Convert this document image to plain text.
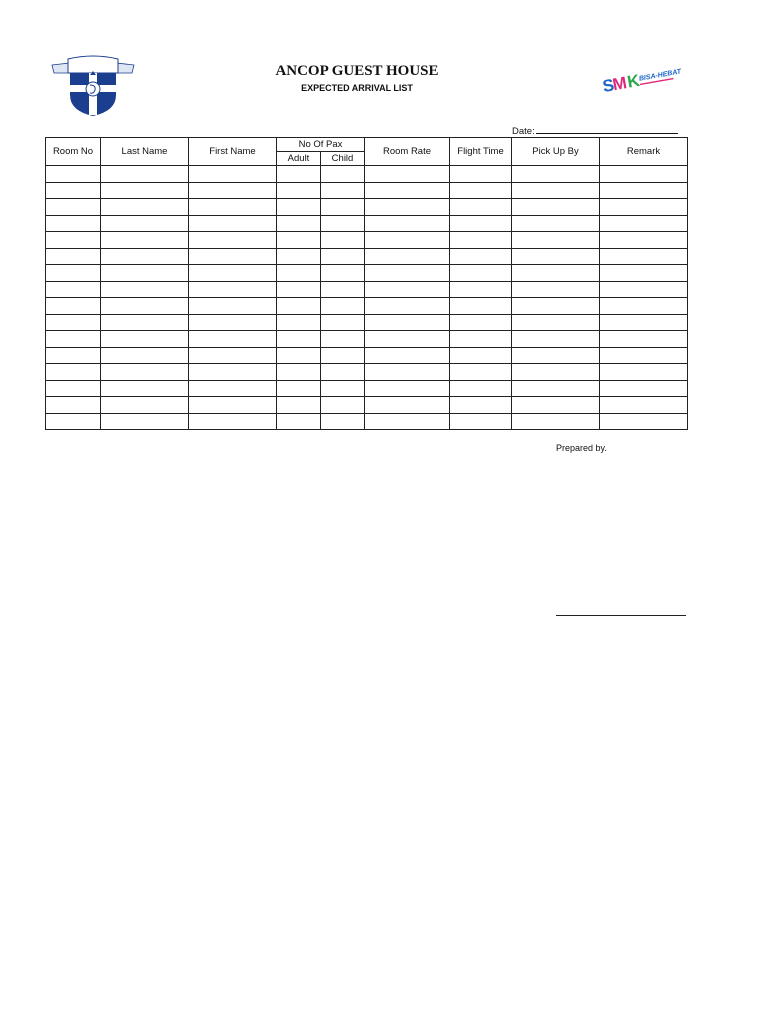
ANCOP GUEST HOUSE
EXPECTED ARRIVAL LIST	S
M
K
BISA-HEBAT
Date:
Room No	Last Name	First Name	No Of Pax		Room Rate	Flight Time	Pick Up By	Remark
			Adult	Child				

Prepared by.
